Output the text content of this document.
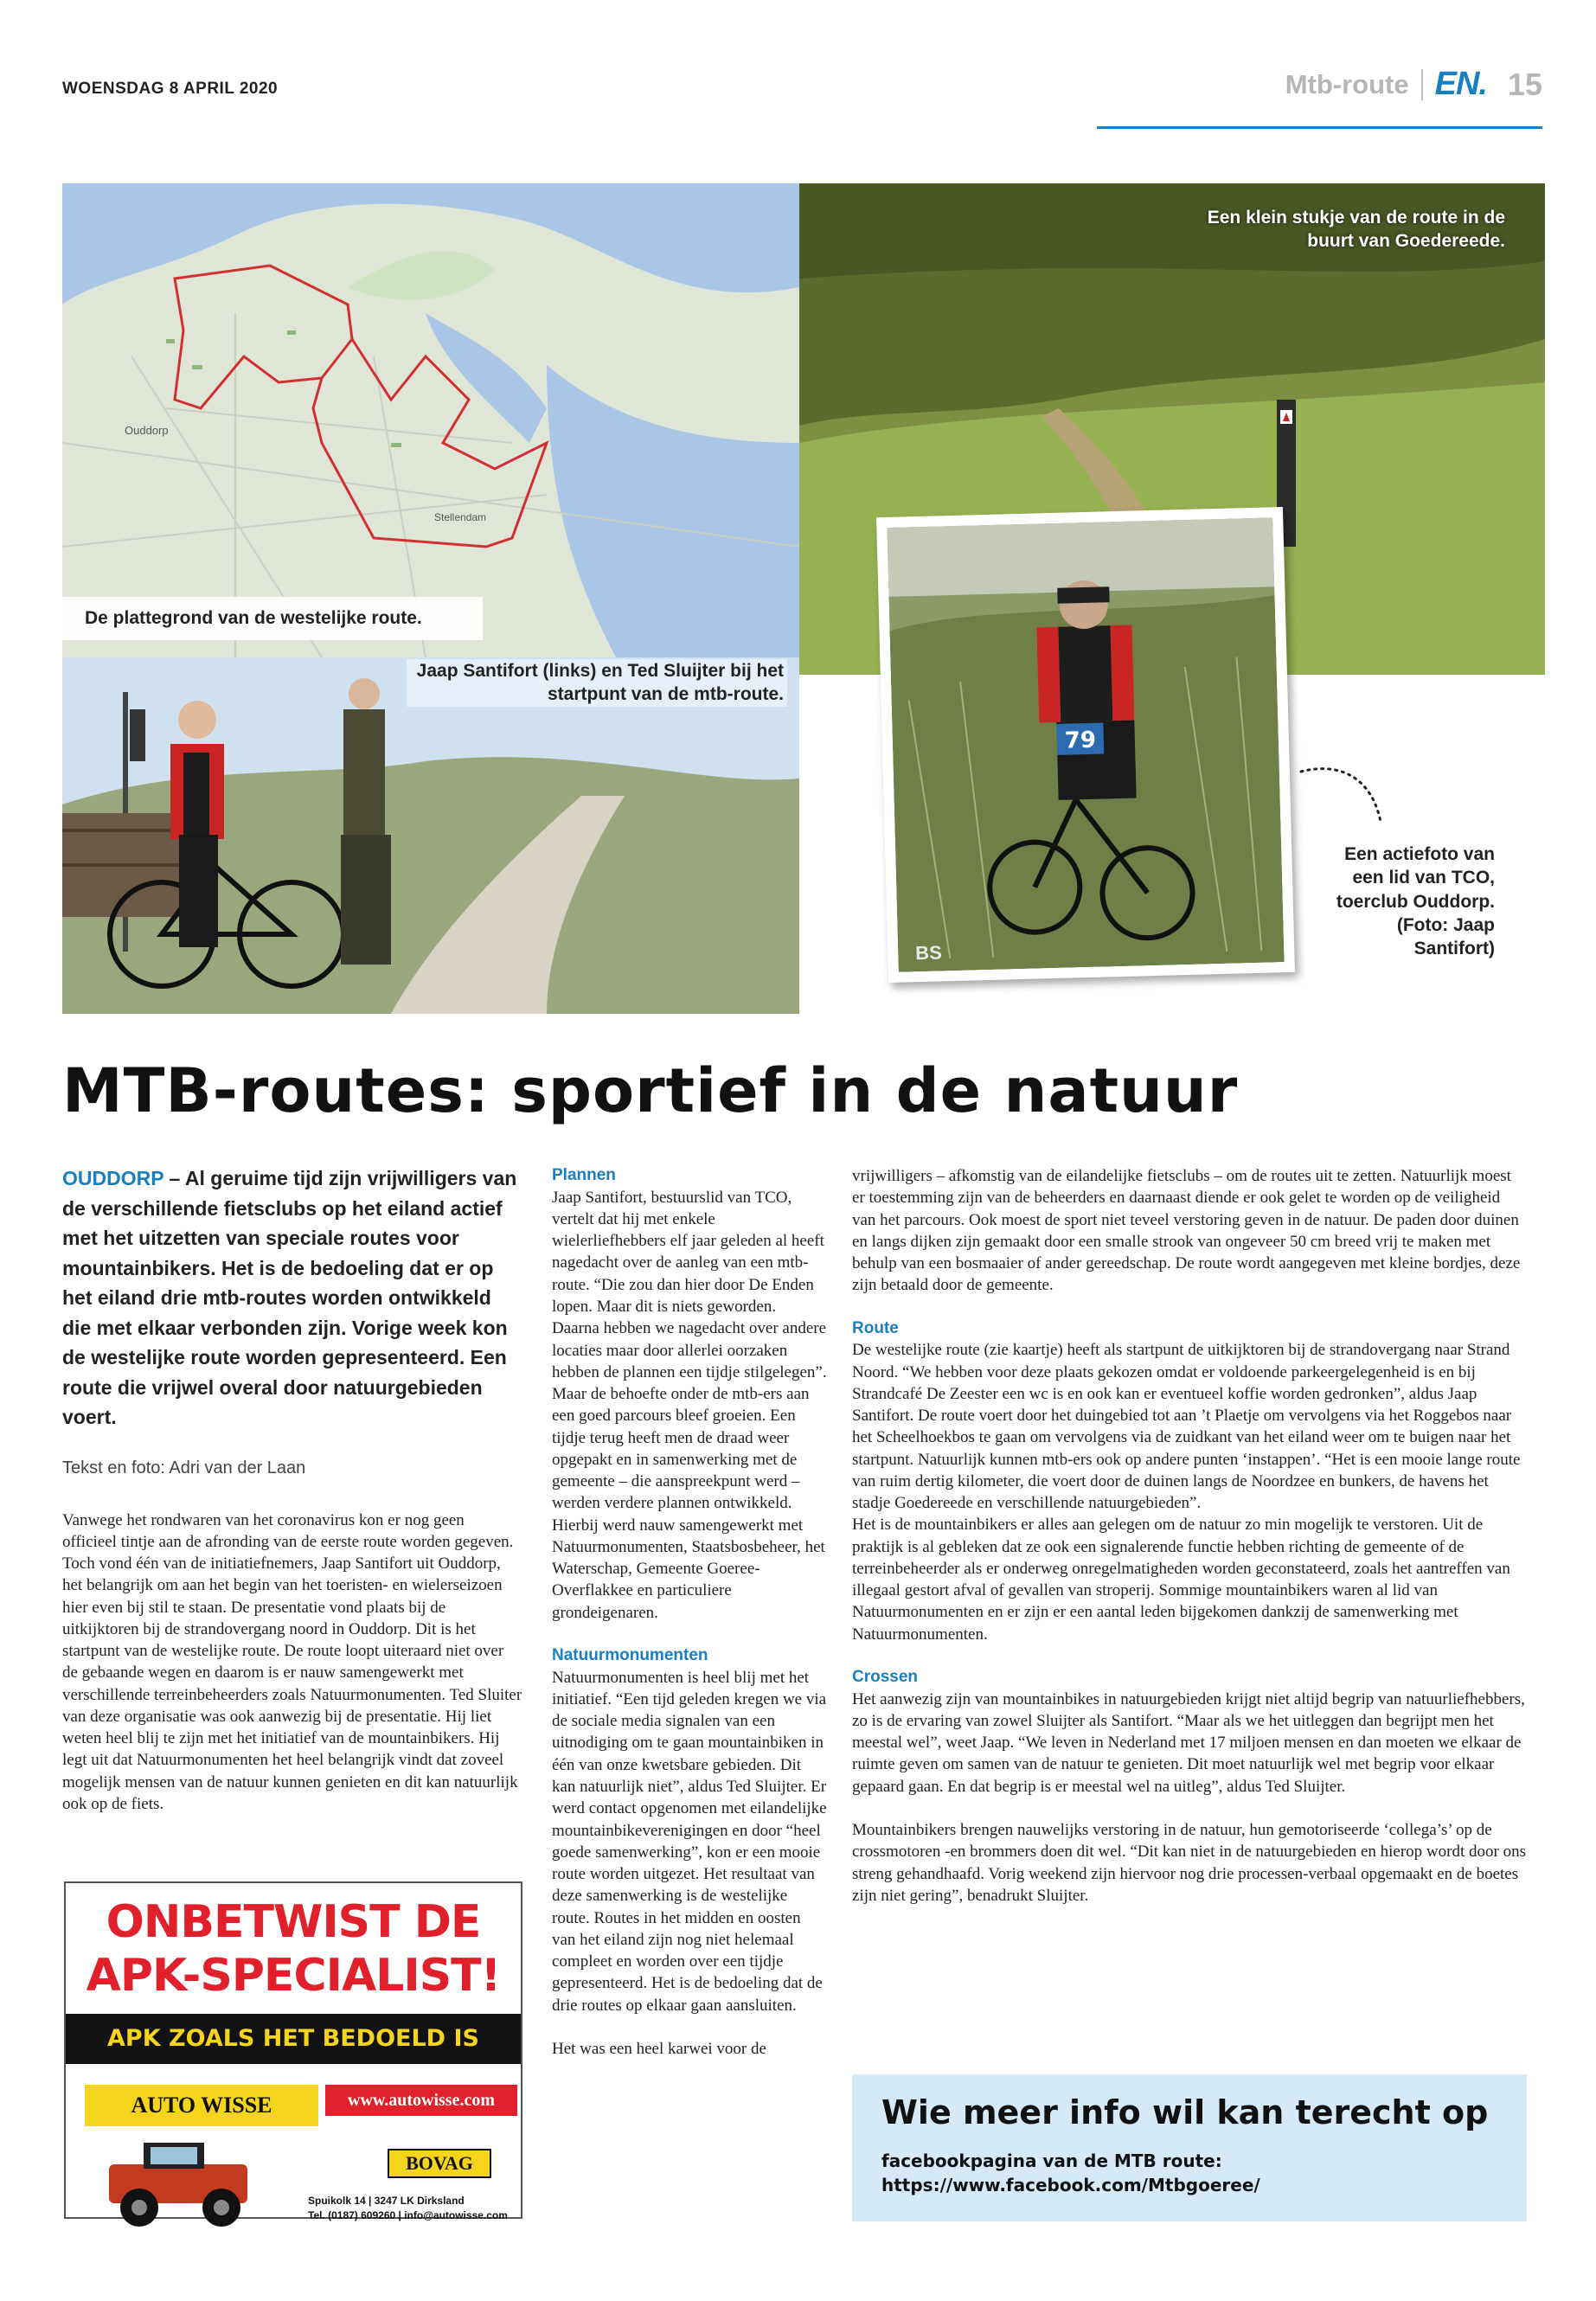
WOENSDAG 8 APRIL 2020	Mtb-route EN. 15
Ouddorp
Stellendam
De plattegrond van de westelijke route.
Een klein stukje van de route in de buurt van Goedereede.
Jaap Santifort (links) en Ted Sluijter bij het startpunt van de mtb-route.
79
BS
Een actiefoto van een lid van TCO, toerclub Ouddorp. (Foto: Jaap Santifort)
MTB-routes: sportief in de natuur

OUDDORP – Al geruime tijd zijn vrijwilligers van de verschillende fietsclubs op het eiland actief met het uitzetten van speciale routes voor mountainbikers. Het is de bedoeling dat er op het eiland drie mtb-routes worden ontwikkeld die met elkaar verbonden zijn. Vorige week kon de westelijke route worden gepresenteerd. Een route die vrijwel overal door natuurgebieden voert.

Tekst en foto: Adri van der Laan

Vanwege het rondwaren van het coronavirus kon er nog geen officieel tintje aan de afronding van de eerste route worden gegeven. Toch vond één van de initiatiefnemers, Jaap Santifort uit Ouddorp, het belangrijk om aan het begin van het toeristen- en wielerseizoen hier even bij stil te staan. De presentatie vond plaats bij de uitkijktoren bij de strandovergang noord in Ouddorp. Dit is het startpunt van de westelijke route. De route loopt uiteraard niet over de gebaande wegen en daarom is er nauw samengewerkt met verschillende terreinbeheerders zoals Natuurmonumenten. Ted Sluiter van deze organisatie was ook aanwezig bij de presentatie. Hij liet weten heel blij te zijn met het initiatief van de mountainbikers. Hij legt uit dat Natuurmonumenten het heel belangrijk vindt dat zoveel mogelijk mensen van de natuur kunnen genieten en dit kan natuurlijk ook op de fiets.

Plannen

Jaap Santifort, bestuurslid van TCO, vertelt dat hij met enkele wielerliefhebbers elf jaar geleden al heeft nagedacht over de aanleg van een mtb-route. “Die zou dan hier door De Enden lopen. Maar dit is niets geworden. Daarna hebben we nagedacht over andere locaties maar door allerlei oorzaken hebben de plannen een tijdje stilgelegen”. Maar de behoefte onder de mtb-ers aan een goed parcours bleef groeien. Een tijdje terug heeft men de draad weer opgepakt en in samenwerking met de gemeente – die aanspreekpunt werd – werden verdere plannen ontwikkeld. Hierbij werd nauw samengewerkt met Natuurmonumenten, Staatsbosbeheer, het Waterschap, Gemeente Goeree-Overflakkee en particuliere grondeigenaren.

Natuurmonumenten

Natuurmonumenten is heel blij met het initiatief. “Een tijd geleden kregen we via de sociale media signalen van een uitnodiging om te gaan mountainbiken in één van onze kwetsbare gebieden. Dit kan natuurlijk niet”, aldus Ted Sluijter. Er werd contact opgenomen met eilandelijke mountainbikeverenigingen en door “heel goede samenwerking”, kon er een mooie route worden uitgezet. Het resultaat van deze samenwerking is de westelijke route. Routes in het midden en oosten van het eiland zijn nog niet helemaal compleet en worden over een tijdje gepresenteerd. Het is de bedoeling dat de drie routes op elkaar gaan aansluiten.

Het was een heel karwei voor de

vrijwilligers – afkomstig van de eilandelijke fietsclubs – om de routes uit te zetten. Natuurlijk moest er toestemming zijn van de beheerders en daarnaast diende er ook gelet te worden op de veiligheid van het parcours. Ook moest de sport niet teveel verstoring geven in de natuur. De paden door duinen en langs dijken zijn gemaakt door een smalle strook van ongeveer 50 cm breed vrij te maken met behulp van een bosmaaier of ander gereedschap. De route wordt aangegeven met kleine bordjes, deze zijn betaald door de gemeente.

Route

De westelijke route (zie kaartje) heeft als startpunt de uitkijktoren bij de strandovergang naar Strand Noord. “We hebben voor deze plaats gekozen omdat er voldoende parkeergelegenheid is en bij Strandcafé De Zeester een wc is en ook kan er eventueel koffie worden gedronken”, aldus Jaap Santifort. De route voert door het duingebied tot aan ’t Plaetje om vervolgens via het Roggebos naar het Scheelhoekbos te gaan om vervolgens via de zuidkant van het eiland weer om te buigen naar het startpunt. Natuurlijk kunnen mtb-ers ook op andere punten ‘instappen’. “Het is een mooie lange route van ruim dertig kilometer, die voert door de duinen langs de Noordzee en bunkers, de havens het stadje Goedereede en verschillende natuurgebieden”.

Het is de mountainbikers er alles aan gelegen om de natuur zo min mogelijk te verstoren. Uit de praktijk is al gebleken dat ze ook een signalerende functie hebben richting de gemeente of de terreinbeheerder als er onderweg onregelmatigheden worden geconstateerd, zoals het aantreffen van illegaal gestort afval of gevallen van stroperij. Sommige mountainbikers waren al lid van Natuurmonumenten en er zijn er een aantal leden bijgekomen dankzij de samenwerking met Natuurmonumenten.

Crossen

Het aanwezig zijn van mountainbikes in natuurgebieden krijgt niet altijd begrip van natuurliefhebbers, zo is de ervaring van zowel Sluijter als Santifort. “Maar als we het uitleggen dan begrijpt men het meestal wel”, weet Jaap. “We leven in Nederland met 17 miljoen mensen en dan moeten we elkaar de ruimte geven om samen van de natuur te genieten. Dit moet natuurlijk wel met begrip voor elkaar gepaard gaan. En dat begrip is er meestal wel na uitleg”, aldus Ted Sluijter.

Mountainbikers brengen nauwelijks verstoring in de natuur, hun gemotoriseerde ‘collega’s’ op de crossmotoren -en brommers doen dit wel. “Dit kan niet in de natuurgebieden en hierop wordt door ons streng gehandhaafd. Vorig weekend zijn hiervoor nog drie processen-verbaal opgemaakt en de boetes zijn niet gering”, benadrukt Sluijter.

ONBETWIST DE
APK-SPECIALIST!
APK ZOALS HET BEDOELD IS
AUTO WISSE	www.autowisse.com
BOVAG
Spuikolk 14 | 3247 LK Dirksland
Tel. (0187) 609260 | info@autowisse.com
Wie meer info wil kan terecht op
facebookpagina van de MTB route:
https://www.facebook.com/Mtbgoeree/
